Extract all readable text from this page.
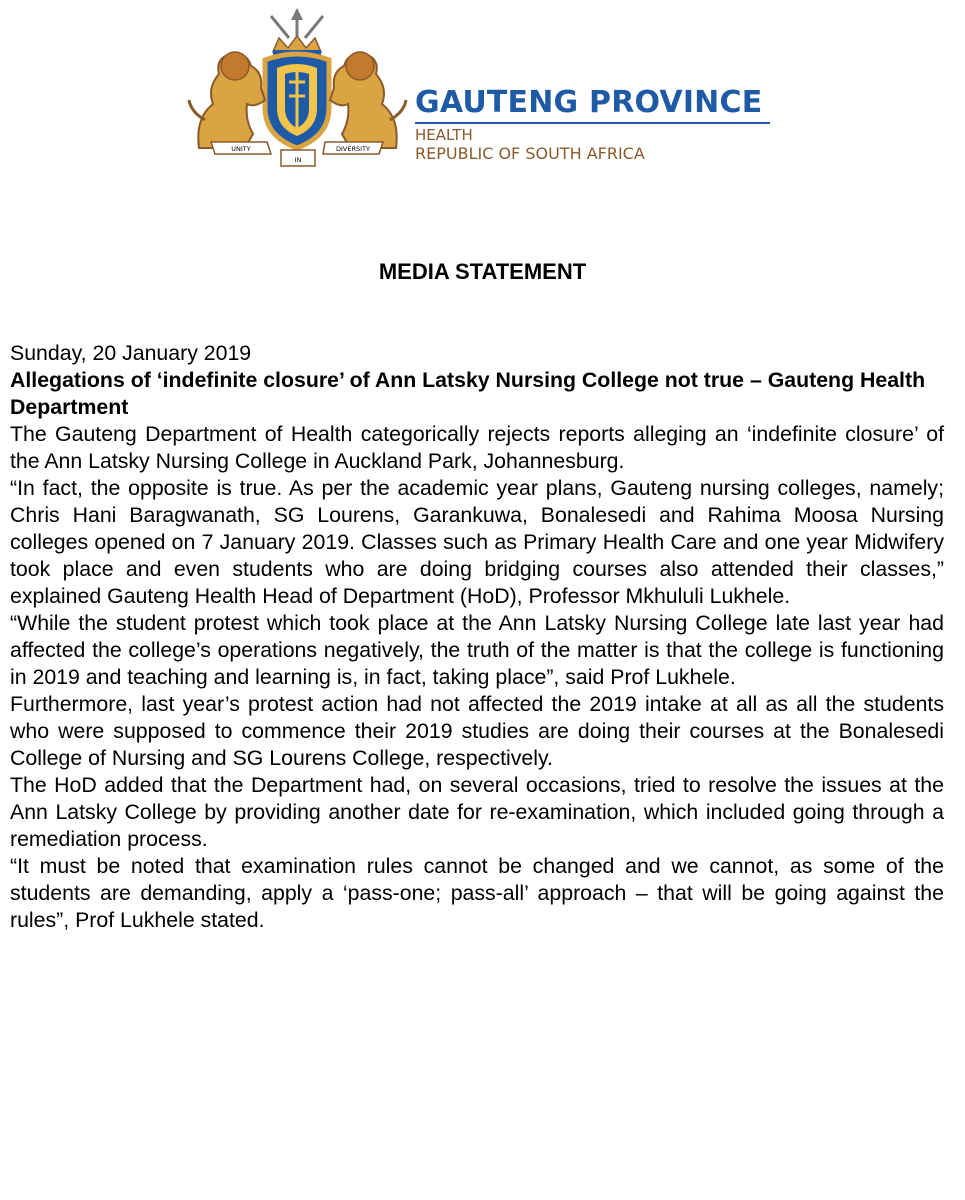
UNITY
IN
DIVERSITY
GAUTENG PROVINCE
HEALTH
REPUBLIC OF SOUTH AFRICA
MEDIA STATEMENT

Sunday, 20 January 2019

Allegations of ‘indefinite closure’ of Ann Latsky Nursing College not true – Gauteng Health Department

The Gauteng Department of Health categorically rejects reports alleging an ‘indefinite closure’ of the Ann Latsky Nursing College in Auckland Park, Johannesburg.

“In fact, the opposite is true. As per the academic year plans, Gauteng nursing colleges, namely; Chris Hani Baragwanath, SG Lourens, Garankuwa, Bonalesedi and Rahima Moosa Nursing colleges opened on 7 January 2019. Classes such as Primary Health Care and one year Midwifery took place and even students who are doing bridging courses also attended their classes,” explained Gauteng Health Head of Department (HoD), Professor Mkhululi Lukhele.

“While the student protest which took place at the Ann Latsky Nursing College late last year had affected the college’s operations negatively, the truth of the matter is that the college is functioning in 2019 and teaching and learning is, in fact, taking place”, said Prof Lukhele.

Furthermore, last year’s protest action had not affected the 2019 intake at all as all the students who were supposed to commence their 2019 studies are doing their courses at the Bonalesedi College of Nursing and SG Lourens College, respectively.

The HoD added that the Department had, on several occasions, tried to resolve the issues at the Ann Latsky College by providing another date for re-examination, which included going through a remediation process.

“It must be noted that examination rules cannot be changed and we cannot, as some of the students are demanding, apply a ‘pass-one; pass-all’ approach – that will be going against the rules”, Prof Lukhele stated.
